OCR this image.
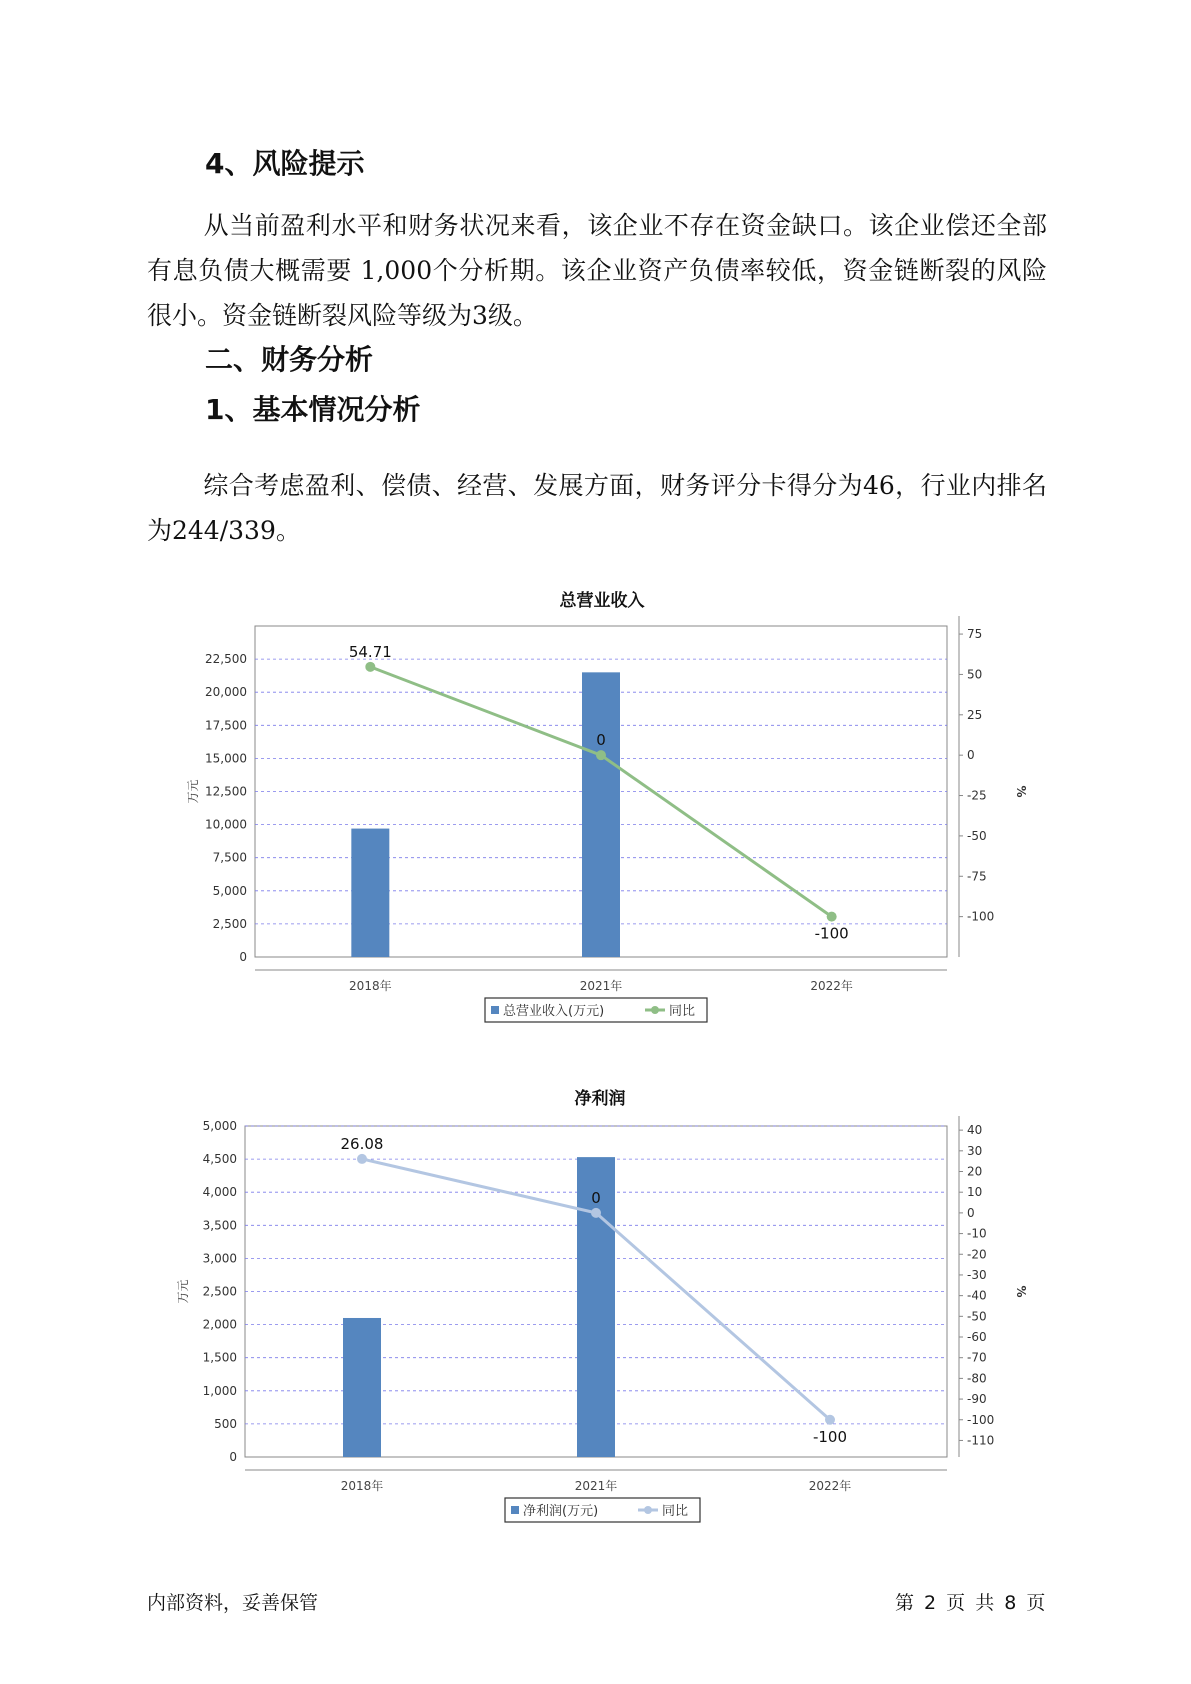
4、风险提示

从当前盈利水平和财务状况来看，该企业不存在资金缺口。该企业偿还全部有息负债大概需要 1,000个分析期。该企业资产负债率较低，资金链断裂的风险很小。资金链断裂风险等级为3级。

二、财务分析
1、基本情况分析

综合考虑盈利、偿债、经营、发展方面，财务评分卡得分为46，行业内排名为244/339。

总营业收入
0
2,500
5,000
7,500
10,000
12,500
15,000
17,500
20,000
22,500
75
50
25
0
-25
-50
-75
-100
万元	%
2018年	2021年	2022年
54.71
0
-100
总营业收入(万元)	同比
净利润
0
500
1,000
1,500
2,000
2,500
3,000
3,500
4,000
4,500
5,000	40
30
20
10
0
-10
-20
-30
-40
-50
-60
-70
-80
-90
-100
-110
万元	%
2018年	2021年	2022年
26.08
0
-100
净利润(万元)	同比
内部资料，妥善保管	第 2 页 共 8 页
